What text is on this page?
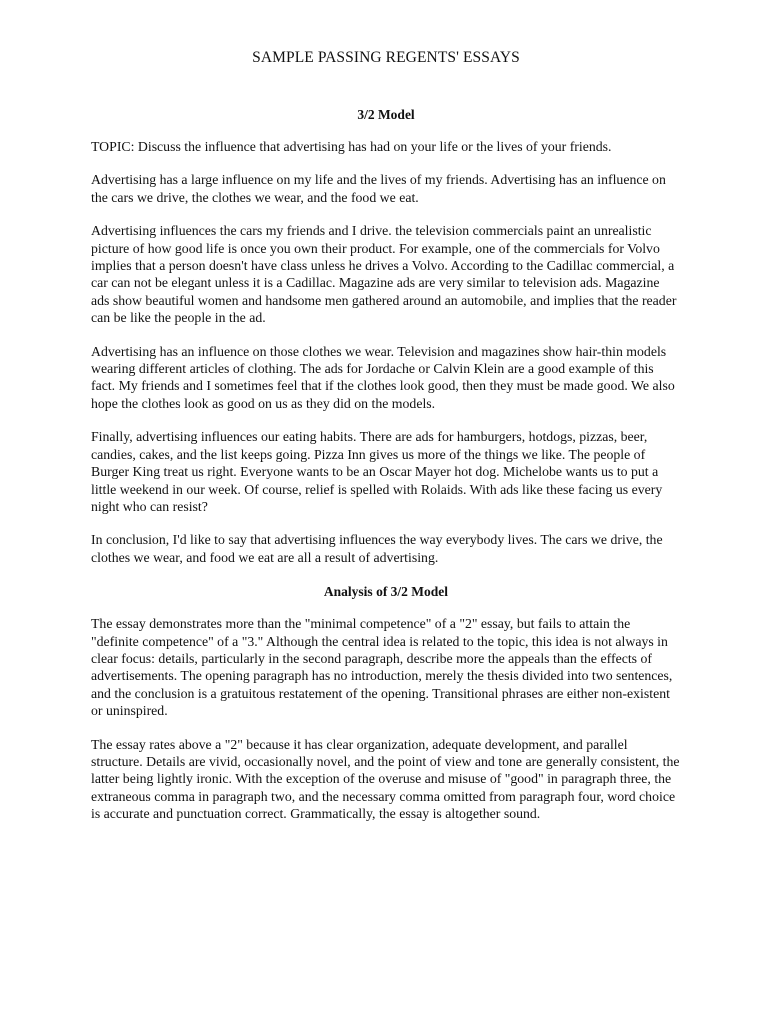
SAMPLE PASSING REGENTS' ESSAYS
3/2 Model

TOPIC: Discuss the influence that advertising has had on your life or the lives of your friends.

Advertising has a large influence on my life and the lives of my friends. Advertising has an influence on the cars we drive, the clothes we wear, and the food we eat.

Advertising influences the cars my friends and I drive. the television commercials paint an unrealistic picture of how good life is once you own their product. For example, one of the commercials for Volvo implies that a person doesn't have class unless he drives a Volvo. According to the Cadillac commercial, a car can not be elegant unless it is a Cadillac. Magazine ads are very similar to television ads. Magazine ads show beautiful women and handsome men gathered around an automobile, and implies that the reader can be like the people in the ad.

Advertising has an influence on those clothes we wear. Television and magazines show hair-thin models wearing different articles of clothing. The ads for Jordache or Calvin Klein are a good example of this fact. My friends and I sometimes feel that if the clothes look good, then they must be made good. We also hope the clothes look as good on us as they did on the models.

Finally, advertising influences our eating habits. There are ads for hamburgers, hotdogs, pizzas, beer, candies, cakes, and the list keeps going. Pizza Inn gives us more of the things we like. The people of Burger King treat us right. Everyone wants to be an Oscar Mayer hot dog. Michelobe wants us to put a little weekend in our week. Of course, relief is spelled with Rolaids. With ads like these facing us every night who can resist?

In conclusion, I'd like to say that advertising influences the way everybody lives. The cars we drive, the clothes we wear, and food we eat are all a result of advertising.

Analysis of 3/2 Model

The essay demonstrates more than the "minimal competence" of a "2" essay, but fails to attain the "definite competence" of a "3." Although the central idea is related to the topic, this idea is not always in clear focus: details, particularly in the second paragraph, describe more the appeals than the effects of advertisements. The opening paragraph has no introduction, merely the thesis divided into two sentences, and the conclusion is a gratuitous restatement of the opening. Transitional phrases are either non-existent or uninspired.

The essay rates above a "2" because it has clear organization, adequate development, and parallel structure. Details are vivid, occasionally novel, and the point of view and tone are generally consistent, the latter being lightly ironic. With the exception of the overuse and misuse of "good" in paragraph three, the extraneous comma in paragraph two, and the necessary comma omitted from paragraph four, word choice is accurate and punctuation correct. Grammatically, the essay is altogether sound.
